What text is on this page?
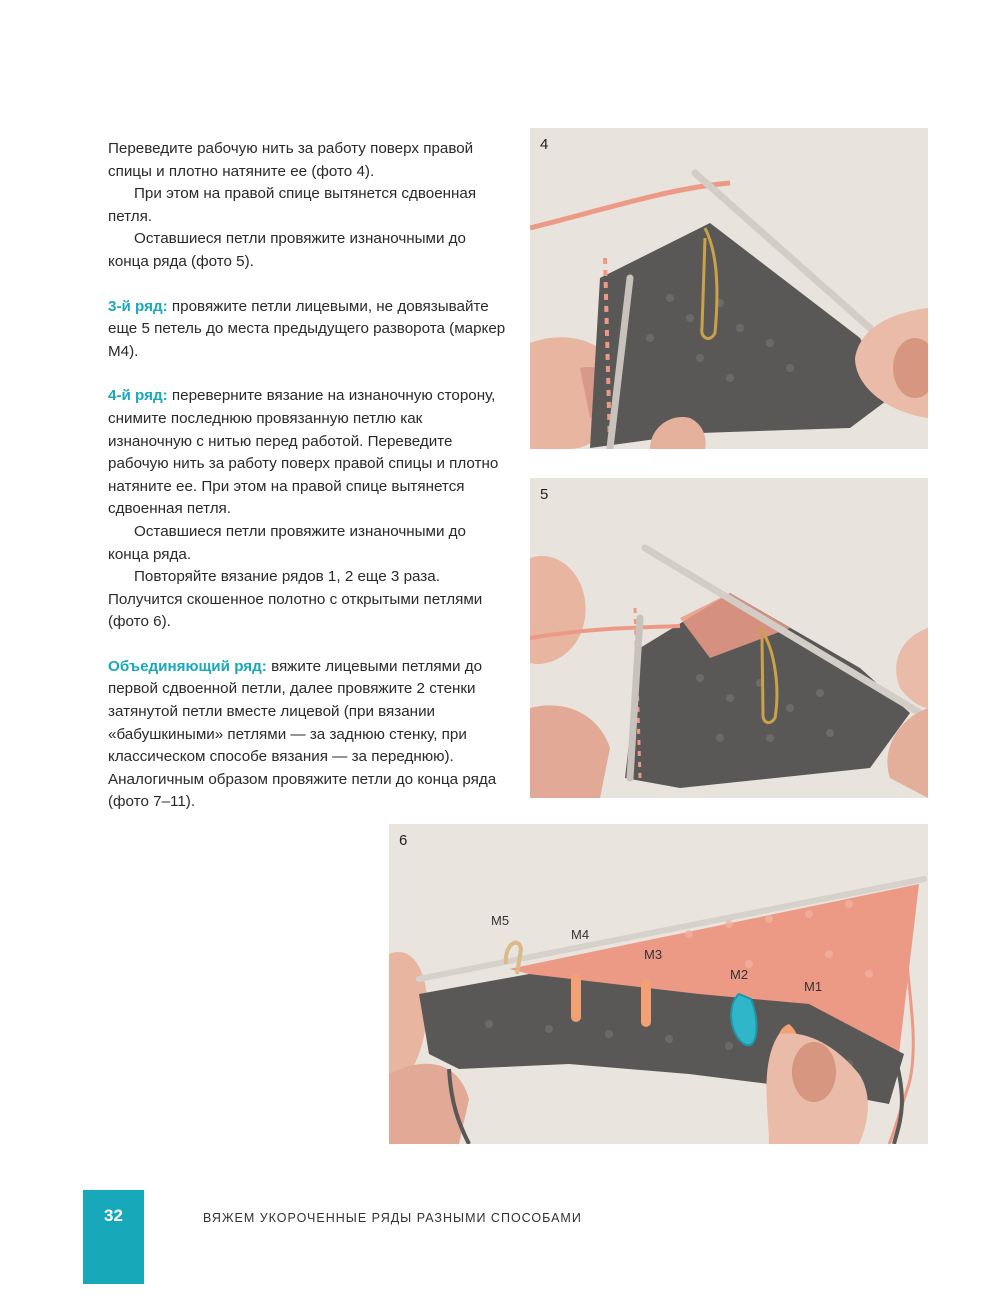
Переведите рабочую нить за работу поверх правой спицы и плотно натяните ее (фото 4).

При этом на правой спице вытянется сдвоенная петля.

Оставшиеся петли провяжите изнаночными до конца ряда (фото 5).

3-й ряд: провяжите петли лицевыми, не довязывайте еще 5 петель до места предыдущего разворота (маркер М4).

4-й ряд: переверните вязание на изнаночную сторону, снимите последнюю провязанную петлю как изнаночную с нитью перед работой. Переведите рабочую нить за работу поверх правой спицы и плотно натяните ее. При этом на правой спице вытянется сдвоенная петля.

Оставшиеся петли провяжите изнаночными до конца ряда.

Повторяйте вязание рядов 1, 2 еще 3 раза. Получится скошенное полотно с открытыми петлями (фото 6).

Объединяющий ряд: вяжите лицевыми петлями до первой сдвоенной петли, далее провяжите 2 стенки затянутой петли вместе лицевой (при вязании «бабушкиными» петлями — за заднюю стенку, при классическом способе вязания — за переднюю). Аналогичным образом провяжите петли до конца ряда (фото 7–11).

4
5
6
M5
M4
M3
M2
M1
32	ВЯЖЕМ УКОРОЧЕННЫЕ РЯДЫ РАЗНЫМИ СПОСОБАМИ
